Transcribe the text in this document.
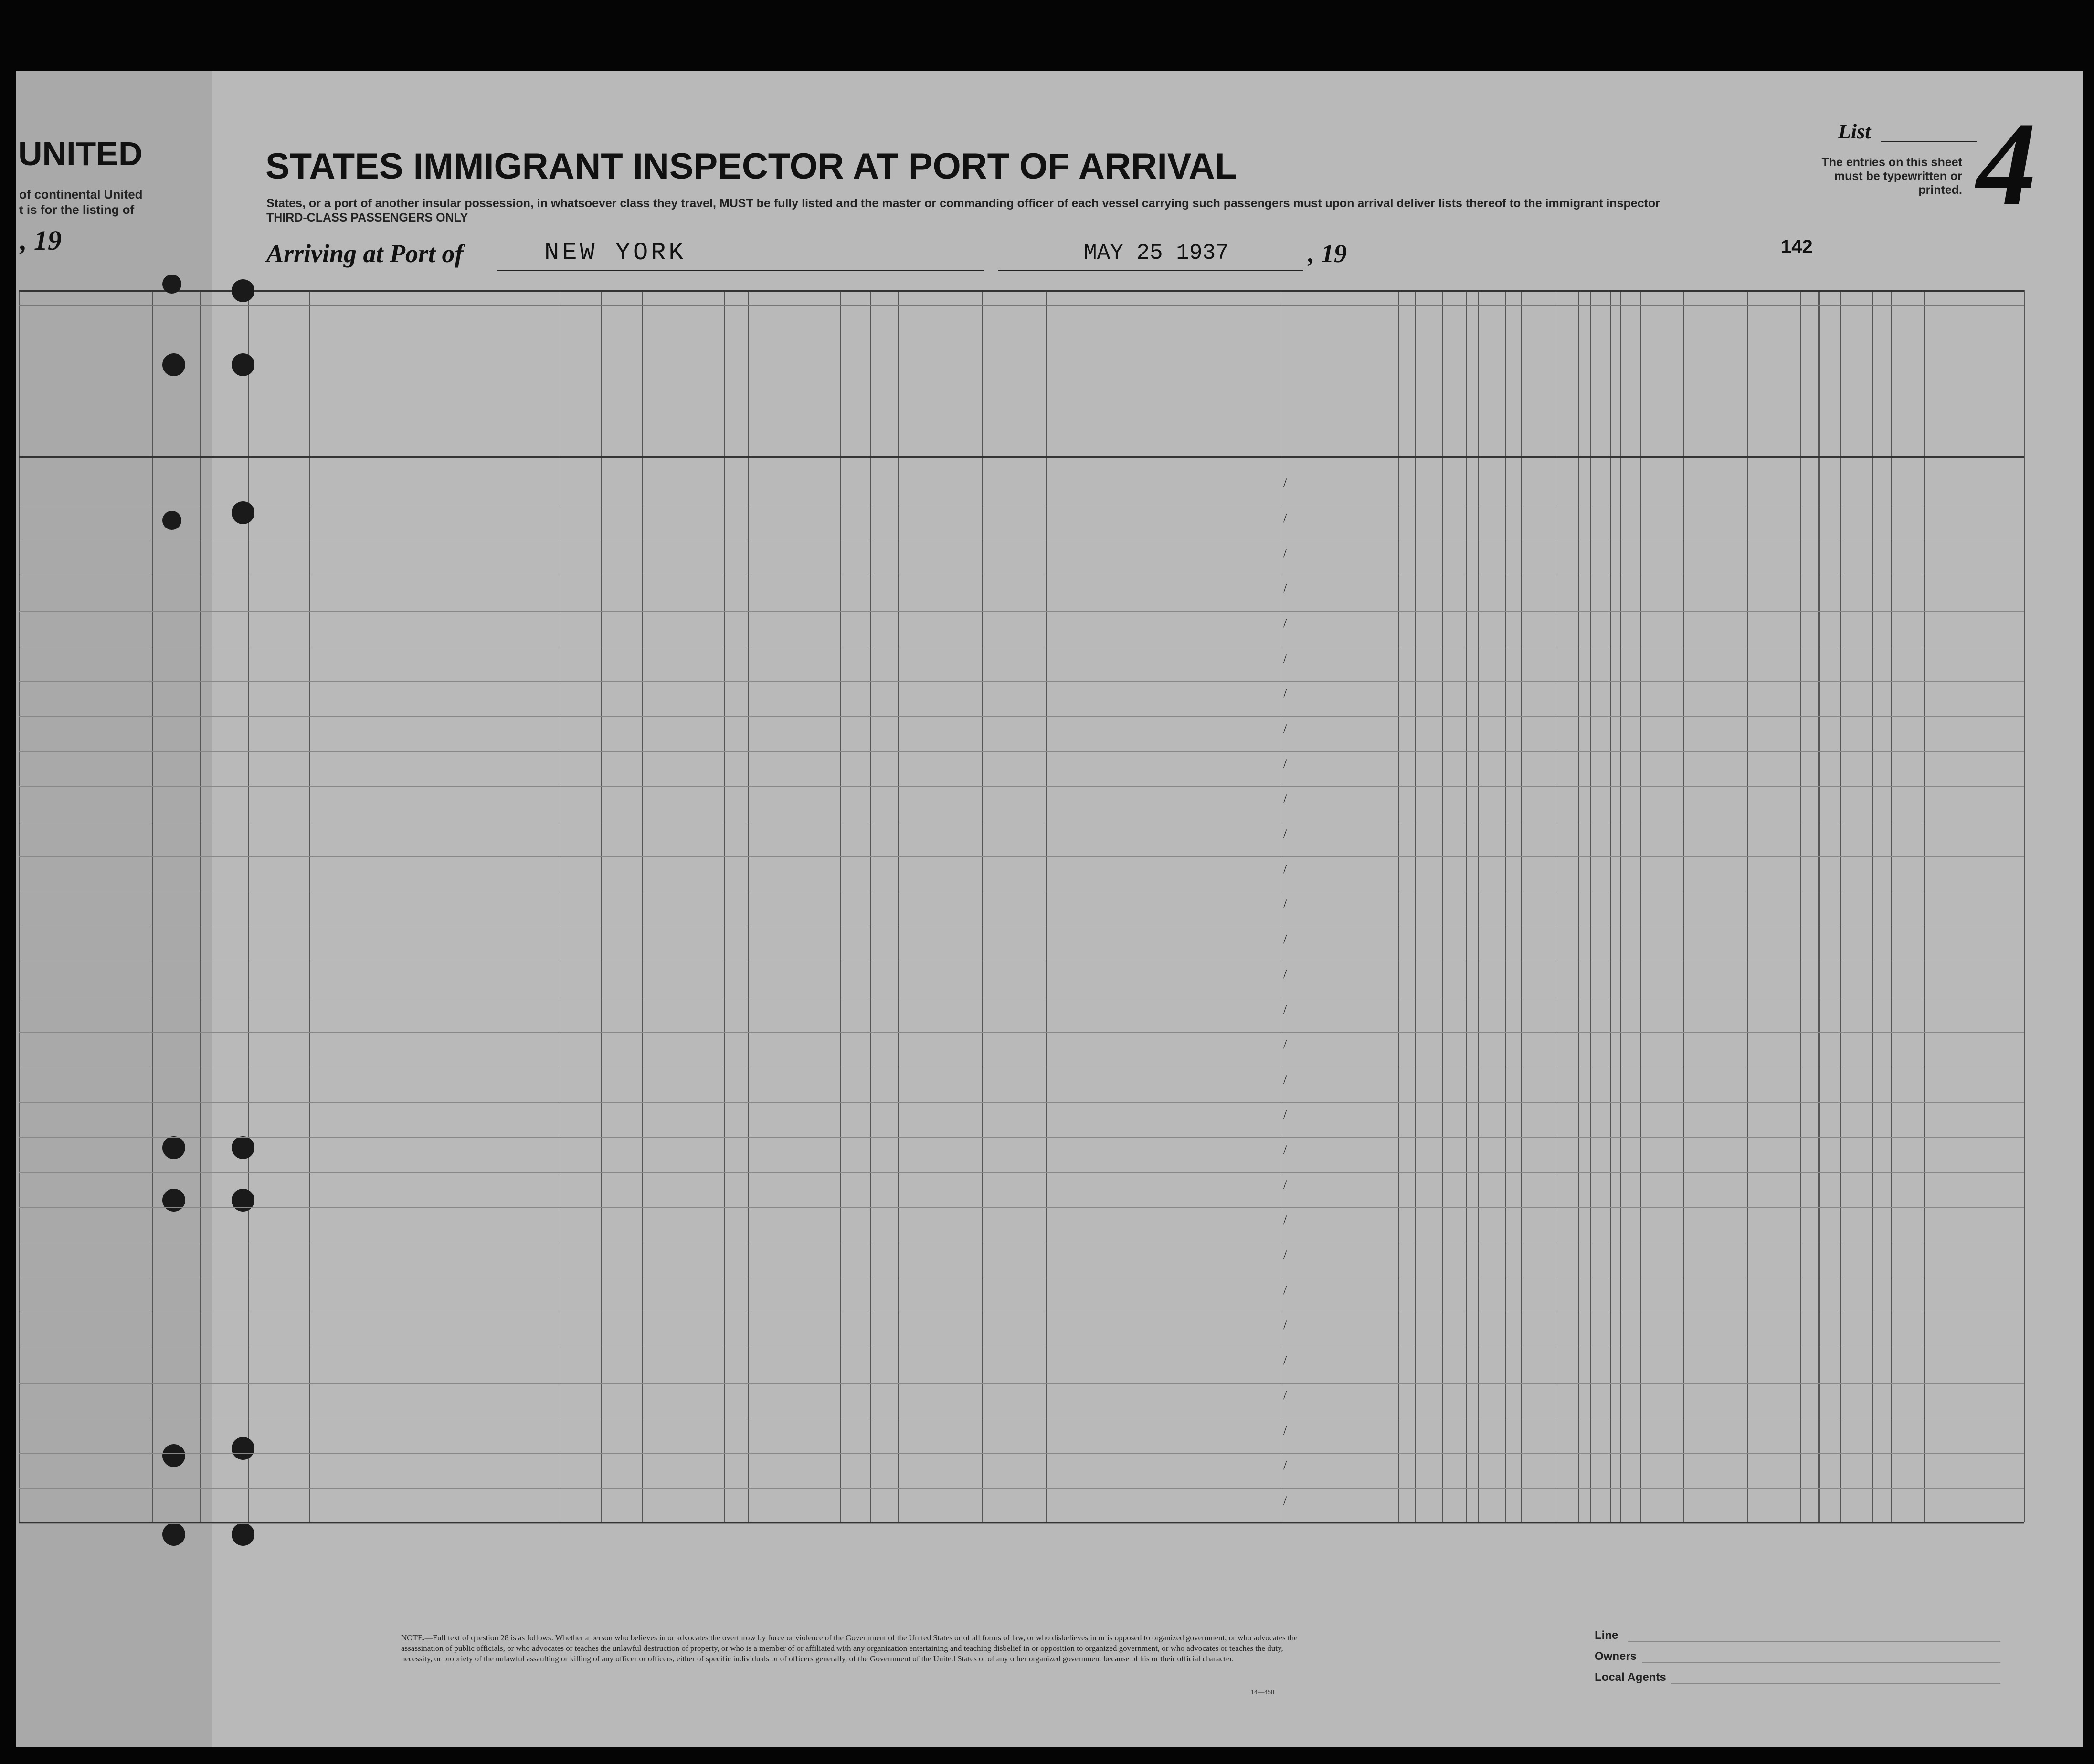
UNITED
of continental United
t is for the listing of
, 19
STATES IMMIGRANT INSPECTOR AT PORT OF ARRIVAL
States, or a port of another insular possession, in whatsoever class they travel, MUST be fully listed and the master or commanding officer of each vessel carrying such passengers must upon arrival deliver lists thereof to the immigrant inspector
THIRD-CLASS PASSENGERS ONLY
Arriving at Port of	NEW YORK	MAY 25 1937	, 19
List 4
The entries on this sheet must be typewritten or printed.
142
/
/
/
/
/
/
/
/
/
/
/
/
/
/
/
/
/
/
/
/
/
/
/
/
/
/
/
/
/
/
NOTE.—Full text of question 28 is as follows: Whether a person who believes in or advocates the overthrow by force or violence of the Government of the United States or of all forms of law, or who disbelieves in or is opposed to organized government, or who advocates the assassination of public officials, or who advocates or teaches the unlawful destruction of property, or who is a member of or affiliated with any organization entertaining and teaching disbelief in or opposition to organized government, or who advocates or teaches the duty, necessity, or propriety of the unlawful assaulting or killing of any officer or officers, either of specific individuals or of officers generally, of the Government of the United States or of any other organized government because of his or their official character.
14—450
Line
Owners
Local Agents
